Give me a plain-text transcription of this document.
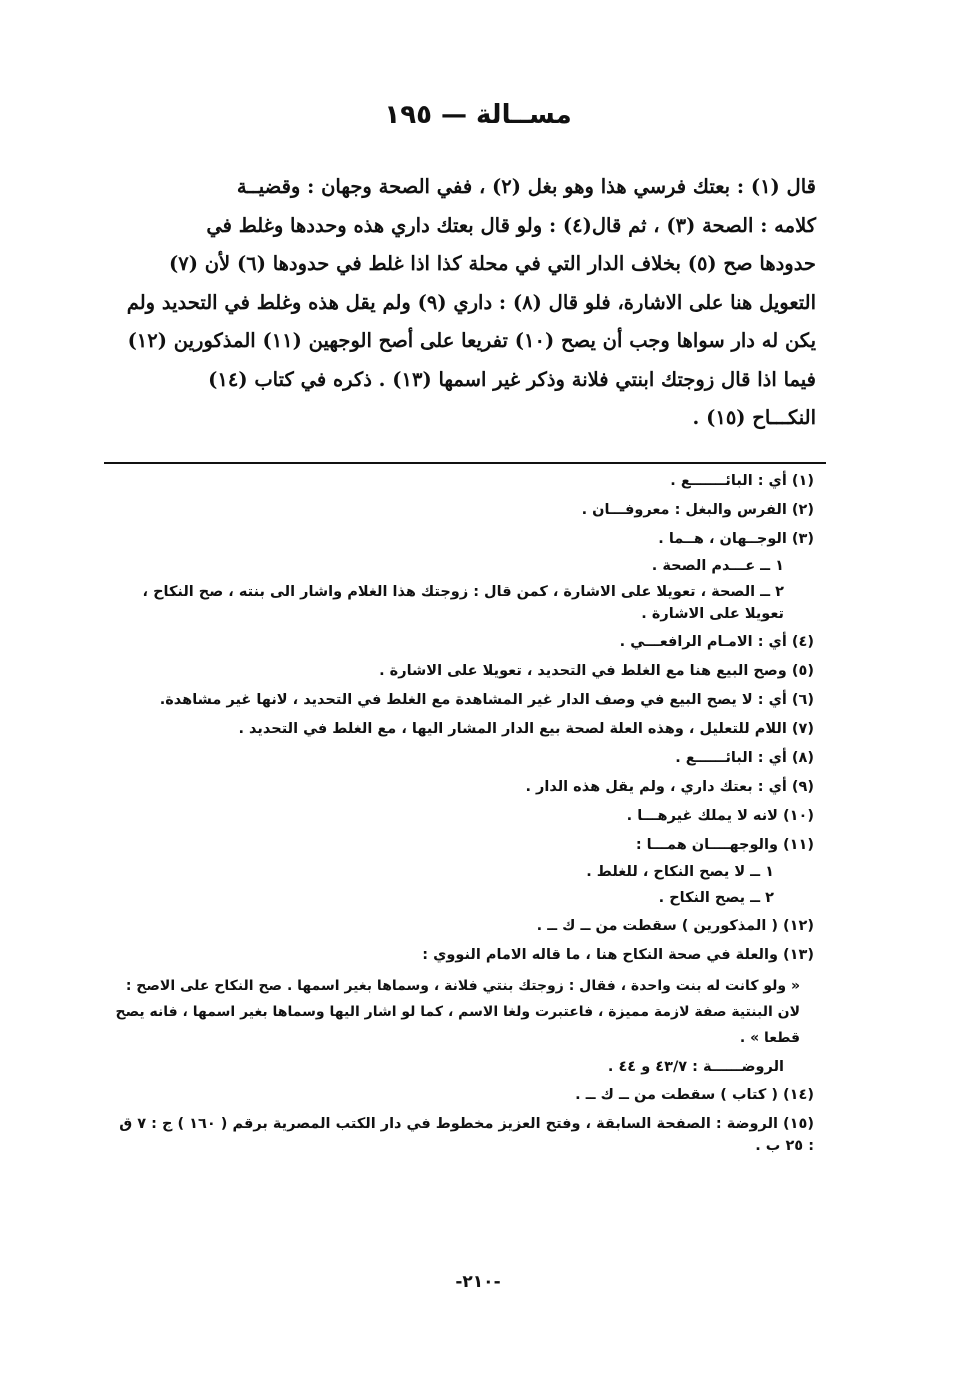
مســالة — ١٩٥

قال (١) : بعتك فرسي هذا وهو بغل (٢) ، ففي الصحة وجهان : وقضيــة

كلامه : الصحة (٣) ، ثم قال(٤) : ولو قال بعتك داري هذه وحددها وغلط في

حدودها صح (٥) بخلاف الدار التي في محلة كذا اذا غلط في حدودها (٦) لأن (٧)

التعويل هنا على الاشارة، فلو قال (٨) : داري (٩) ولم يقل هذه وغلط في التحديد ولم

يكن له دار سواها وجب أن يصح (١٠) تفريعا على أصح الوجهين (١١) المذكورين (١٢)

فيما اذا قال زوجتك ابنتي فلانة وذكر غير اسمها (١٣) . ذكره في كتاب (١٤)

النكـــاح (١٥) .

(١) أي : البائـــــــع .
(٢) الفرس والبغل : معروفـــان .
(٣) الوجــهان ، هــما .
١ ــ عـــدم الصحة .
٢ ــ الصحة ، تعويلا على الاشارة ، كمن قال : زوجتك هذا الغلام واشار الى بنته ، صح النكاح ، تعويلا على الاشارة .
(٤) أي : الامـام الرافعـــي .
(٥) وصح البيع هنا مع الغلط في التحديد ، تعويلا على الاشارة .
(٦) أي : لا يصح البيع في وصف الدار غير المشاهدة مع الغلط في التحديد ، لانها غير مشاهدة.
(٧) اللام للتعليل ، وهذه العلة لصحة بيع الدار المشار اليها ، مع الغلط في التحديد .
(٨) أي : البائــــــع .
(٩) أي : بعتك داري ، ولم يقل هذه الدار .
(١٠) لانه لا يملك غيرهـــا .
(١١) والوجهــــان همـــا :
١ ــ لا يصح النكاح ، للغلط .
٢ ــ يصح النكاح .
(١٢) ( المذكورين ) سقطت من ــ ك ــ .
(١٣) والعلة في صحة النكاح هنا ، ما قاله الامام النووي :
« ولو كانت له بنت واحدة ، فقال : زوجتك بنتي فلانة ، وسماها بغير اسمها . صح النكاح على الاصح : لان البنتية صفة لازمة مميزة ، فاعتبرت ولغا الاسم ، كما لو اشار اليها وسماها بغير اسمها ، فانه يصح قطعا » .
الروضــــــة : ٤٣/٧ و ٤٤ .
(١٤) ( كتاب ) سقطت من ــ ك ــ .
(١٥) الروضة : الصفحة السابقة ، وفتح العزيز مخطوط في دار الكتب المصرية برقم ( ١٦٠ ) ج : ٧ ق : ٢٥ ب .
-٢١٠-
